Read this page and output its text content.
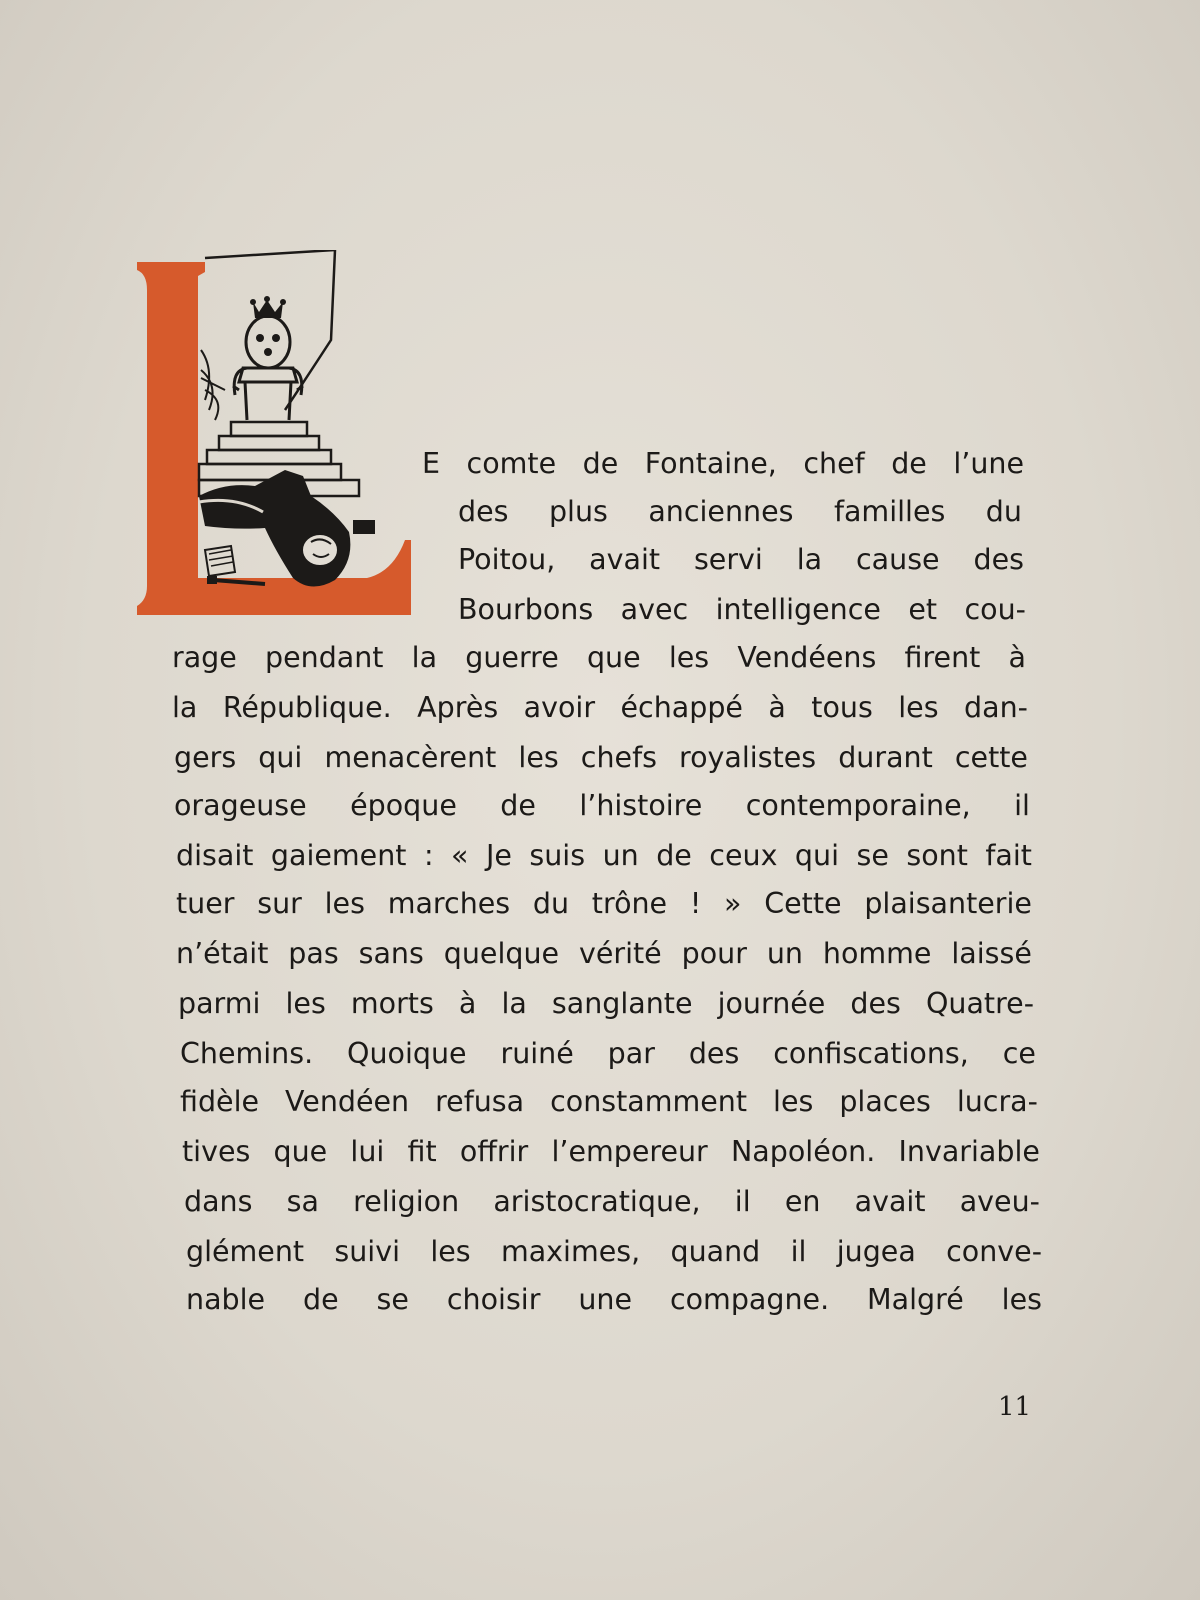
E comte de Fontaine, chef de l’une
des plus anciennes familles du
Poitou, avait servi la cause des
Bourbons avec intelligence et cou-
rage pendant la guerre que les Vendéens firent à
la République. Après avoir échappé à tous les dan-
gers qui menacèrent les chefs royalistes durant cette
orageuse époque de l’histoire contemporaine, il
disait gaiement : « Je suis un de ceux qui se sont fait
tuer sur les marches du trône ! » Cette plaisanterie
n’était pas sans quelque vérité pour un homme laissé
parmi les morts à la sanglante journée des Quatre-
Chemins. Quoique ruiné par des confiscations, ce
fidèle Vendéen refusa constamment les places lucra-
tives que lui fit offrir l’empereur Napoléon. Invariable
dans sa religion aristocratique, il en avait aveu-
glément suivi les maximes, quand il jugea conve-
nable de se choisir une compagne. Malgré les
11
